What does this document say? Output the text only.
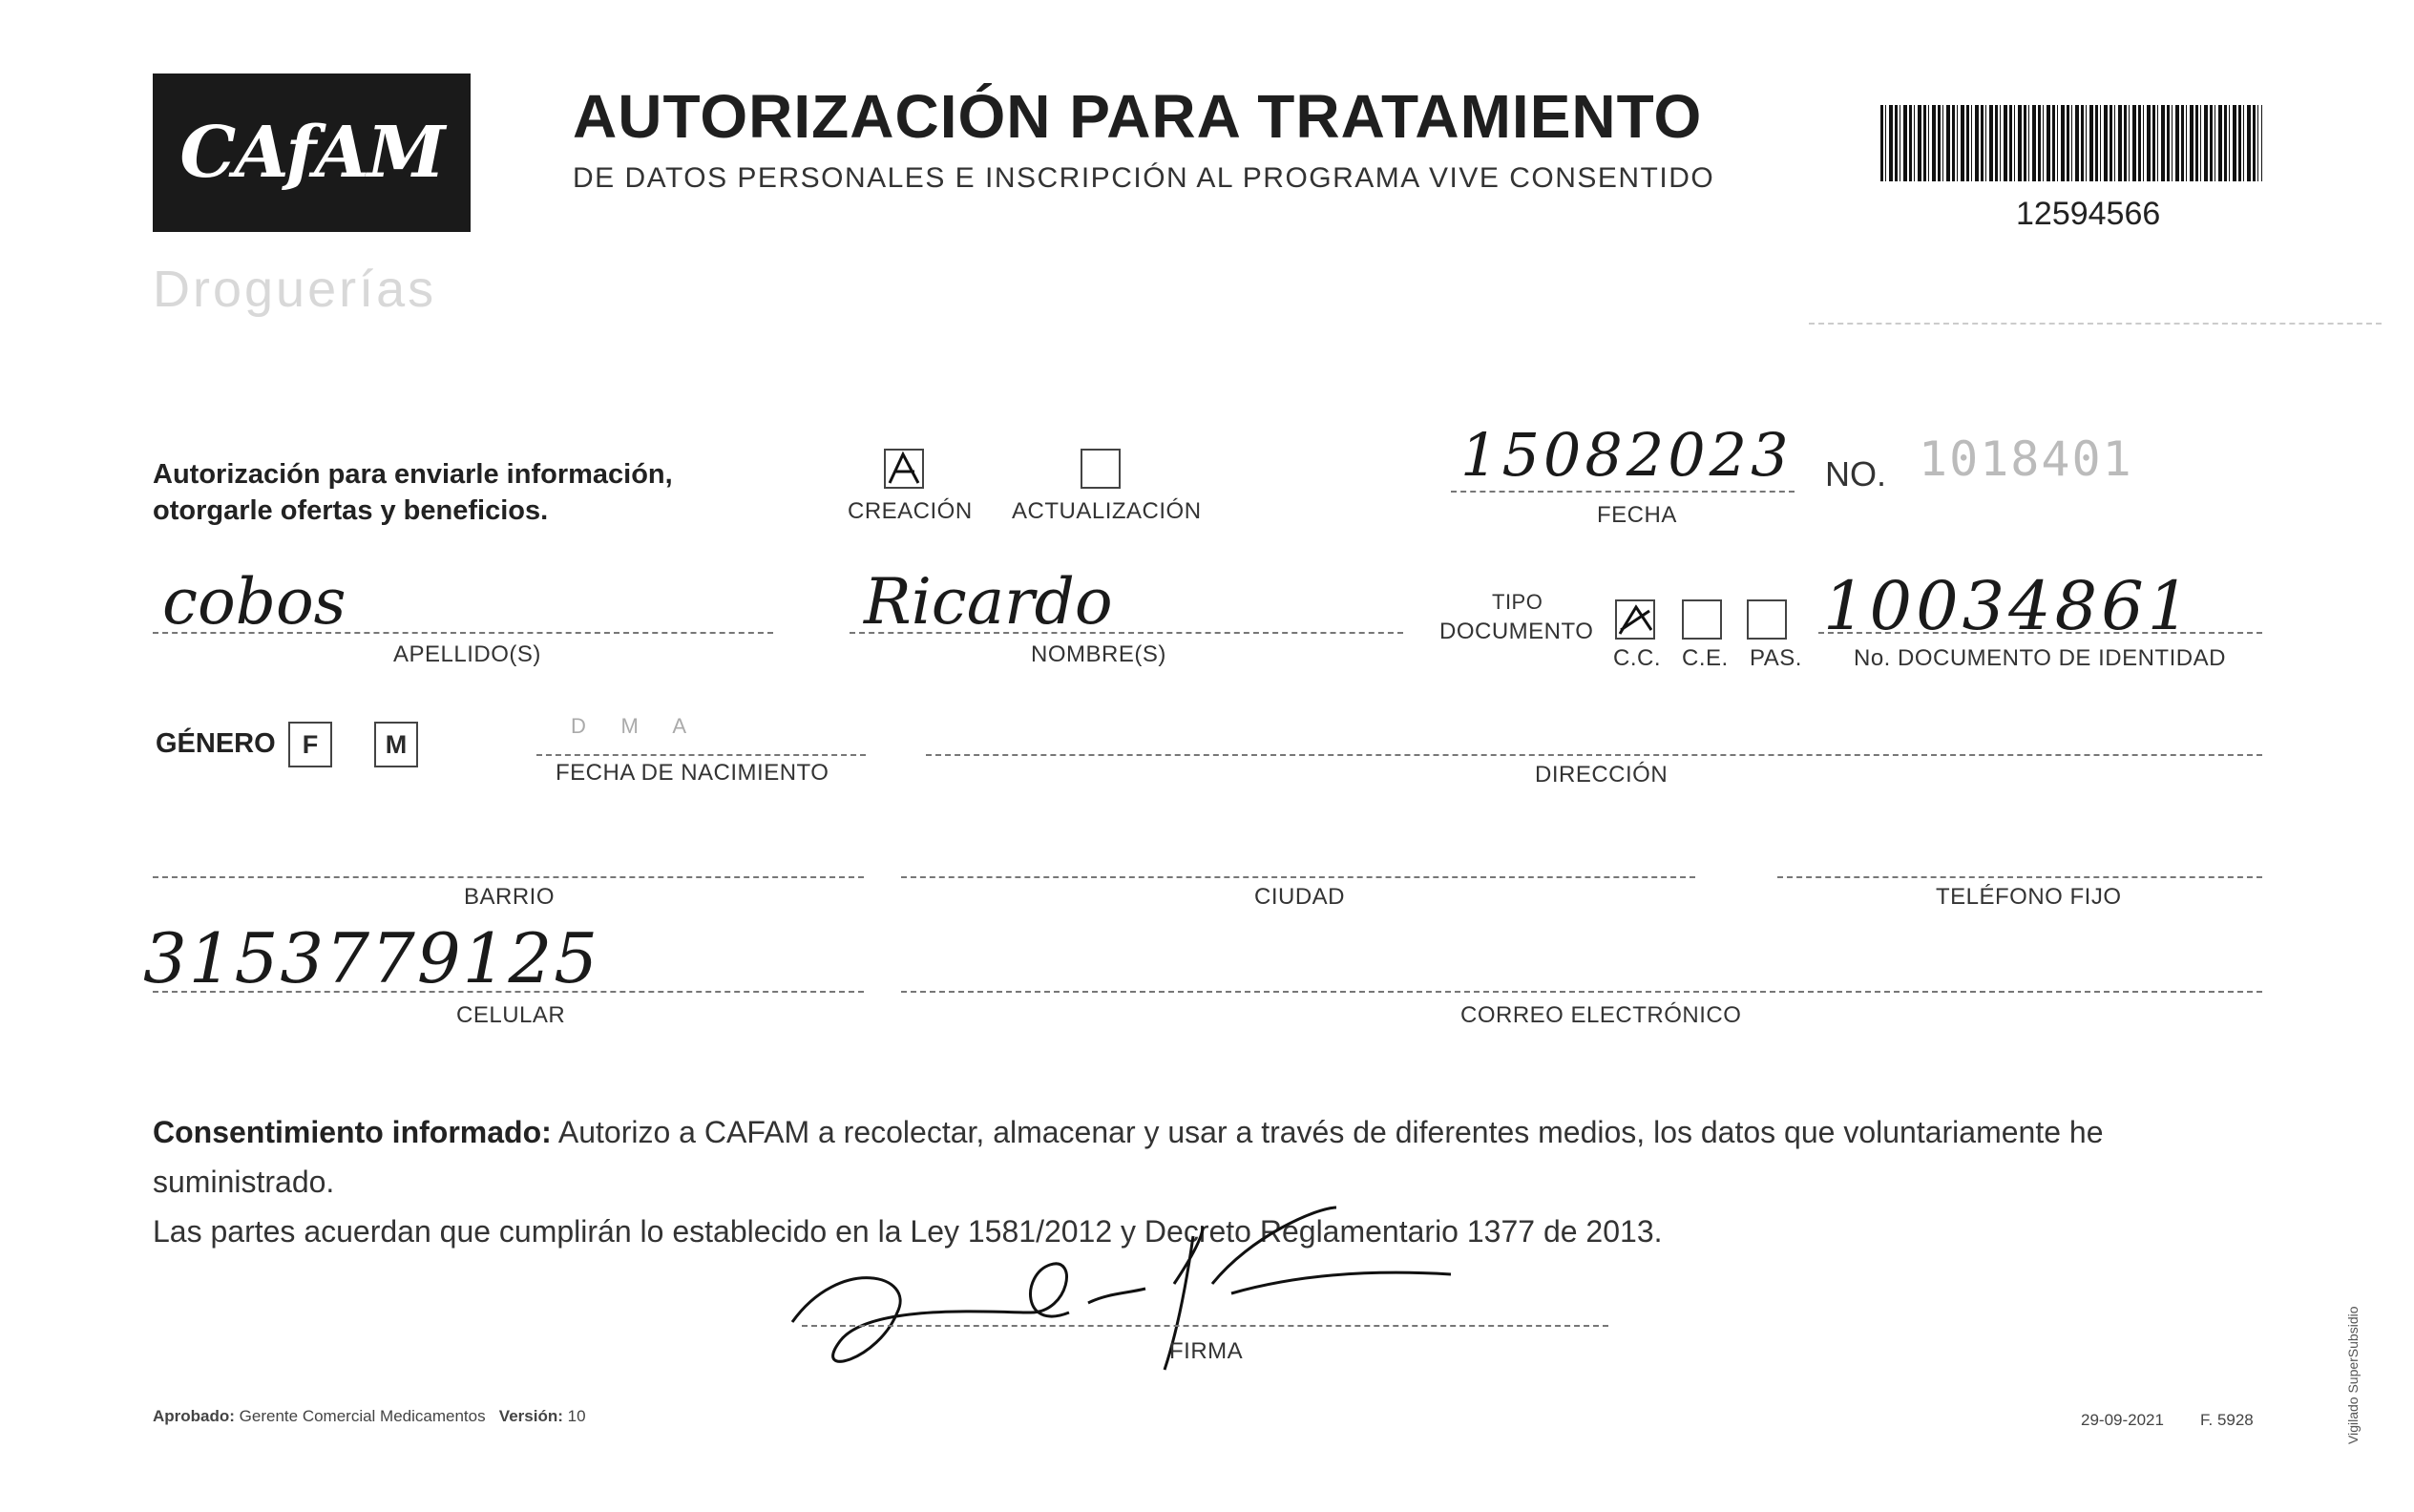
CAfAM
Droguerías
AUTORIZACIÓN PARA TRATAMIENTO
DE DATOS PERSONALES E INSCRIPCIÓN AL PROGRAMA VIVE CONSENTIDO
12594566
Autorización para enviarle información,
otorgarle ofertas y beneficios.	CREACIÓN ACTUALIZACIÓN
15082023
FECHA
NO. 1018401
cobos
APELLIDO(S)
Ricardo
NOMBRE(S)
TIPO
DOCUMENTO
C.C. C.E. PAS.
10034861
No. DOCUMENTO DE IDENTIDAD
GÉNERO	F	M
D      M      A
FECHA DE NACIMIENTO	DIRECCIÓN
BARRIO	CIUDAD	TELÉFONO FIJO
3153779125
CELULAR	CORREO ELECTRÓNICO
Consentimiento informado: Autorizo a CAFAM a recolectar, almacenar y usar a través de diferentes medios, los datos que voluntariamente he suministrado.
Las partes acuerdan que cumplirán lo establecido en la Ley 1581/2012 y Decreto Reglamentario 1377 de 2013.
FIRMA
Aprobado: Gerente Comercial Medicamentos Versión: 10	29-09-2021 F. 5928	Vigilado SuperSubsidio
